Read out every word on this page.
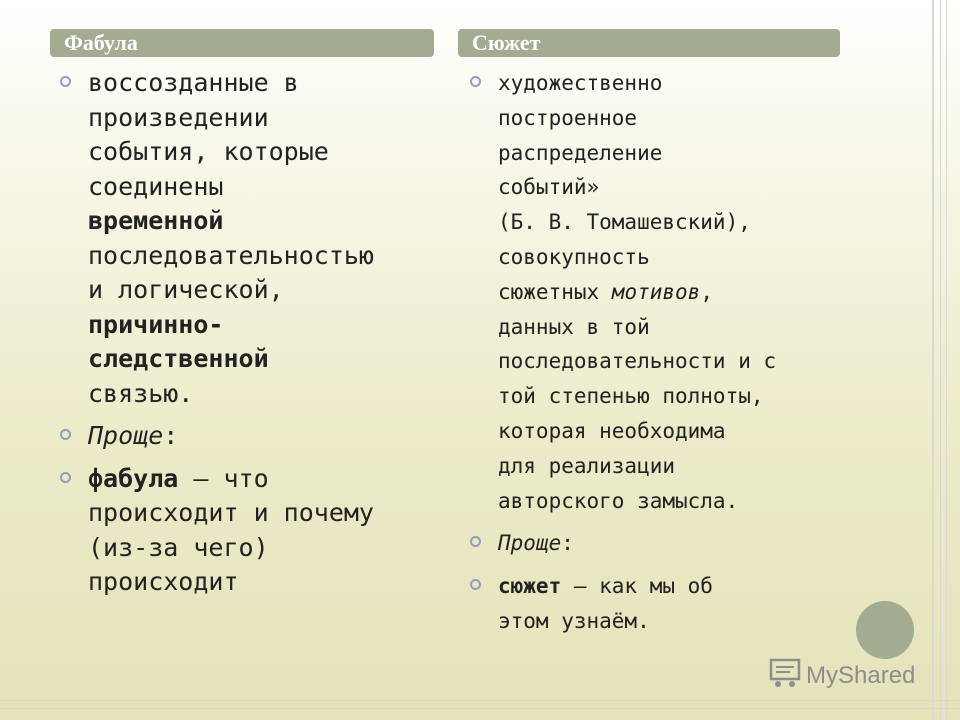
Фабула	Сюжет
воссозданные в
произведении
события, которые
соединены
временной
последовательностью
и логической,
причинно-
следственной
связью.
Проще:
фабула — что
происходит и почему
(из-за чего)
происходит
художественно
построенное
распределение
событий»
(Б. В. Томашевский),
совокупность
сюжетных мотивов,
данных в той
последовательности и с
той степенью полноты,
которая необходима
для реализации
авторского замысла.
Проще:
сюжет — как мы об
этом узнаём.
MyShared
